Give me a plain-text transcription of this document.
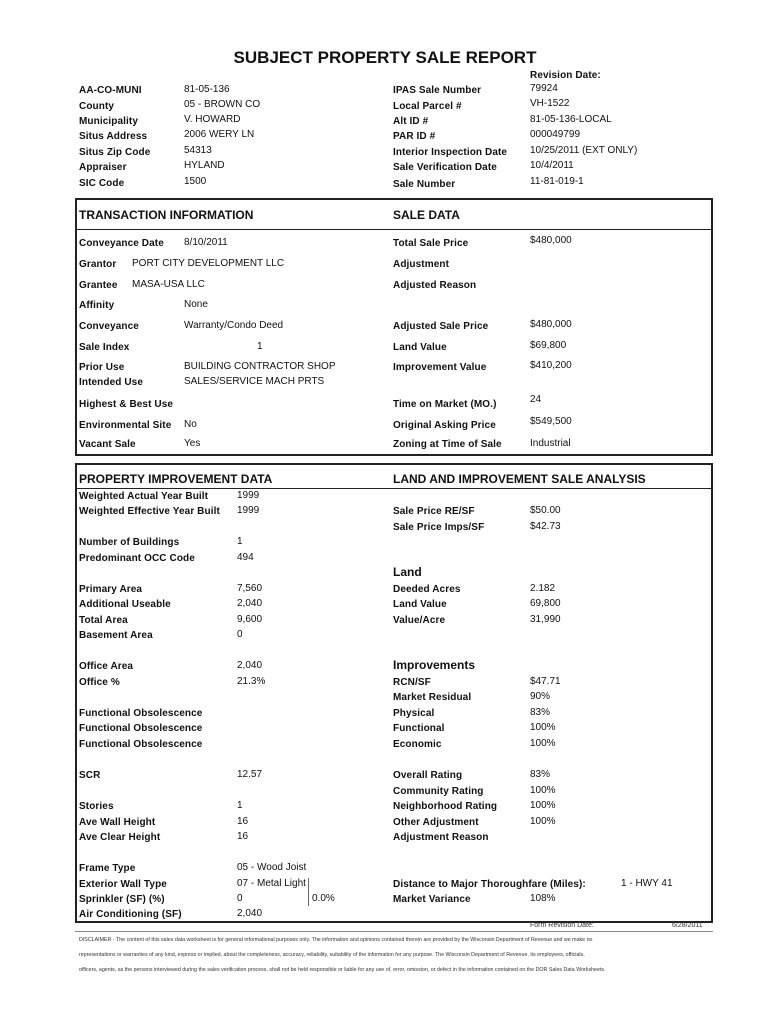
SUBJECT PROPERTY SALE REPORT
Revision Date:
AA-CO-MUNI	81-05-136
County	05 - BROWN CO
Municipality	V. HOWARD
Situs Address	2006 WERY LN
Situs Zip Code	54313
Appraiser	HYLAND
SIC Code	1500
IPAS Sale Number	79924
Local Parcel #	VH-1522
Alt ID #	81-05-136-LOCAL
PAR ID #	000049799
Interior Inspection Date 10/25/2011 (EXT ONLY)
Sale Verification Date	10/4/2011
Sale Number	11-81-019-1
TRANSACTION INFORMATION	SALE DATA
Conveyance Date 8/10/2011
Grantor PORT CITY DEVELOPMENT LLC
Grantee MASA-USA LLC
Affinity	None
Conveyance	Warranty/Condo Deed
Sale Index	1
Prior Use	BUILDING CONTRACTOR SHOP
Intended Use	SALES/SERVICE MACH PRTS
Highest & Best Use
Environmental Site No
Vacant Sale	Yes
Total Sale Price	$480,000
Adjustment
Adjusted Reason
Adjusted Sale Price	$480,000
Land Value	$69,800
Improvement Value	$410,200
Time on Market (MO.)	24
Original Asking Price	$549,500
Zoning at Time of Sale	Industrial
PROPERTY IMPROVEMENT DATA	LAND AND IMPROVEMENT SALE ANALYSIS
Weighted Actual Year Built	1999
Weighted Effective Year Built 1999
Number of Buildings	1
Predominant OCC Code	494
Primary Area	7,560
Additional Useable	2,040
Total Area	9,600
Basement Area	0
Office Area	2,040
Office %	21.3%
Functional Obsolescence
Functional Obsolescence
Functional Obsolescence
SCR	12.57
Stories	1
Ave Wall Height	16
Ave Clear Height	16
Frame Type	05 - Wood Joist
Exterior Wall Type	07 - Metal Light
Sprinkler (SF) (%)	0	0.0%
Air Conditioning (SF)	2,040
Sale Price RE/SF	$50.00
Sale Price Imps/SF	$42.73
Land
Deeded Acres	2.182
Land Value	69,800
Value/Acre	31,990
Improvements
RCN/SF	$47.71
Market Residual	90%
Physical	83%
Functional	100%
Economic	100%
Overall Rating	83%
Community Rating	100%
Neighborhood Rating	100%
Other Adjustment	100%
Adjustment Reason
Distance to Major Thoroughfare (Miles):	1 - HWY 41
Market Variance	108%
Form Revision Date:	6/28/2011
DISCLAIMER - The content of this sales data worksheet is for general informational purposes only. The information and opinions contained therein are provided by the Wisconsin Department of Revenue and we make no
representations or warranties of any kind, express or implied, about the completeness, accuracy, reliability, suitability of the information for any purpose. The Wisconsin Department of Revenue, its employees, officials,
officers, agents, as the persons interviewed during the sales verification process, shall not be held responsible or liable for any use of, error, omission, or defect in the information contained on the DOR Sales Data Worksheets.
